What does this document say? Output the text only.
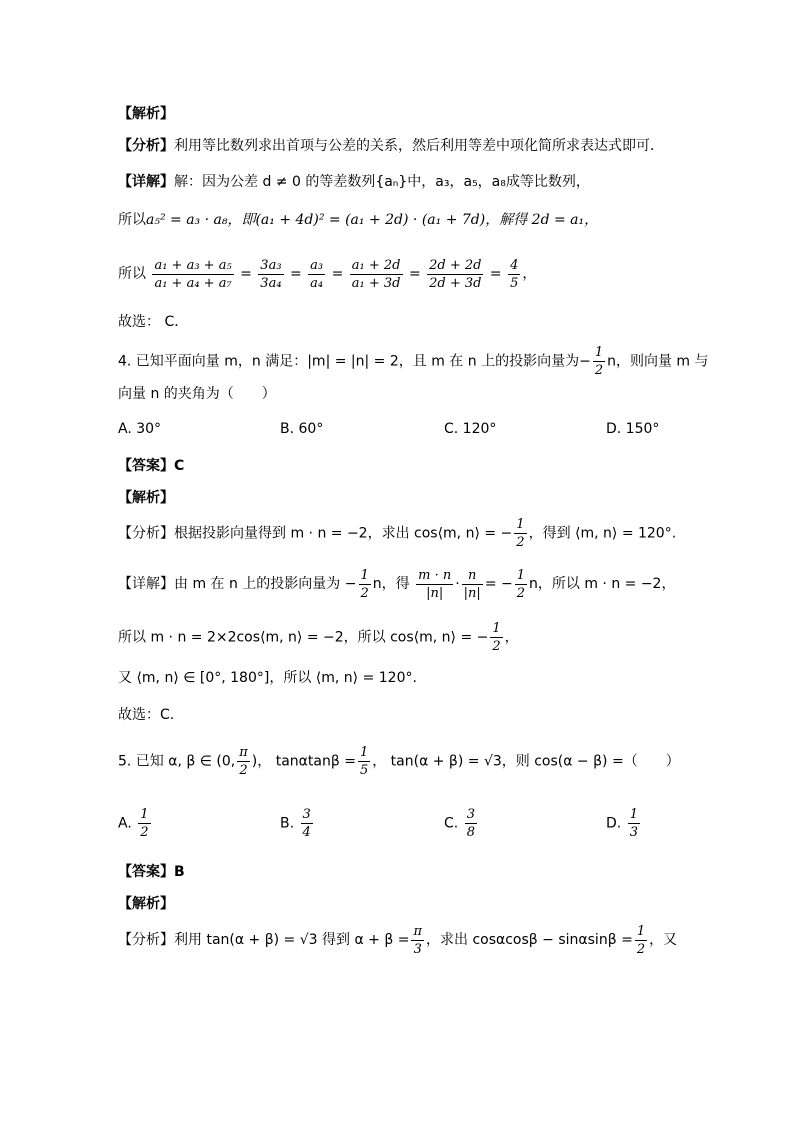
【解析】
【分析】利用等比数列求出首项与公差的关系，然后利用等差中项化简所求表达式即可．
【详解】解：因为公差 d ≠ 0 的等差数列{aₙ}中，a₃，a₅，a₈成等比数列，
所以a₅² = a₃ · a₈，即(a₁ + 4d)² = (a₁ + 2d) · (a₁ + 7d)，解得 2d = a₁，
所以 $\frac{\text{a₁ + a₃ + a₅}}{\text{a₁ + a₄ + a₇}} = \frac{\text{3a₃}}{\text{3a₄}} = \frac{\text{a₃}}{\text{a₄}} = \frac{\text{a₁ + 2d}}{\text{a₁ + 3d}} = \frac{2d + 2d}{2d + 3d} = \frac{4}{5}$ ，
故选： C．
4. 已知平面向量 m，n 满足：|m| = |n| = 2，且 m 在 n 上的投影向量为− $\frac{1}{2}$ n，则向量 m 与
向量 n 的夹角为（　　）
A. 30°	B. 60°	C. 120°	D. 150°
【答案】C
【解析】
【分析】根据投影向量得到 m · n = −2，求出 cos⟨m, n⟩ = − $\frac{1}{2}$ ，得到 ⟨m, n⟩ = 120°.
【详解】由 m 在 n 上的投影向量为 − $\frac{1}{2}$ n，得 $\frac{m \cdot n}{|n|} \cdot \frac{n}{|n|}$ = − $\frac{1}{2}$ n，所以 m · n = −2，
所以 m · n = 2×2cos⟨m, n⟩ = −2，所以 cos⟨m, n⟩ = − $\frac{1}{2}$ ，
又 ⟨m, n⟩ ∈ [0°, 180°]，所以 ⟨m, n⟩ = 120°.
故选：C.
5. 已知 α, β ∈ (0, $\frac{\pi}{2}$ )， $\tan\alpha\tan\beta = \frac{1}{5}$ ， tan(α + β) = √3，则 cos(α − β) =（　　）
A. $\frac{1}{2}$	B. $\frac{3}{4}$	C. $\frac{3}{8}$	D. $\frac{1}{3}$
【答案】B
【解析】
【分析】利用 tan(α + β) = √3 得到 $\alpha + \beta = \frac{\pi}{3}$ ，求出 $\cos\alpha\cos\beta - \sin\alpha\sin\beta = \frac{1}{2}$ ，又
